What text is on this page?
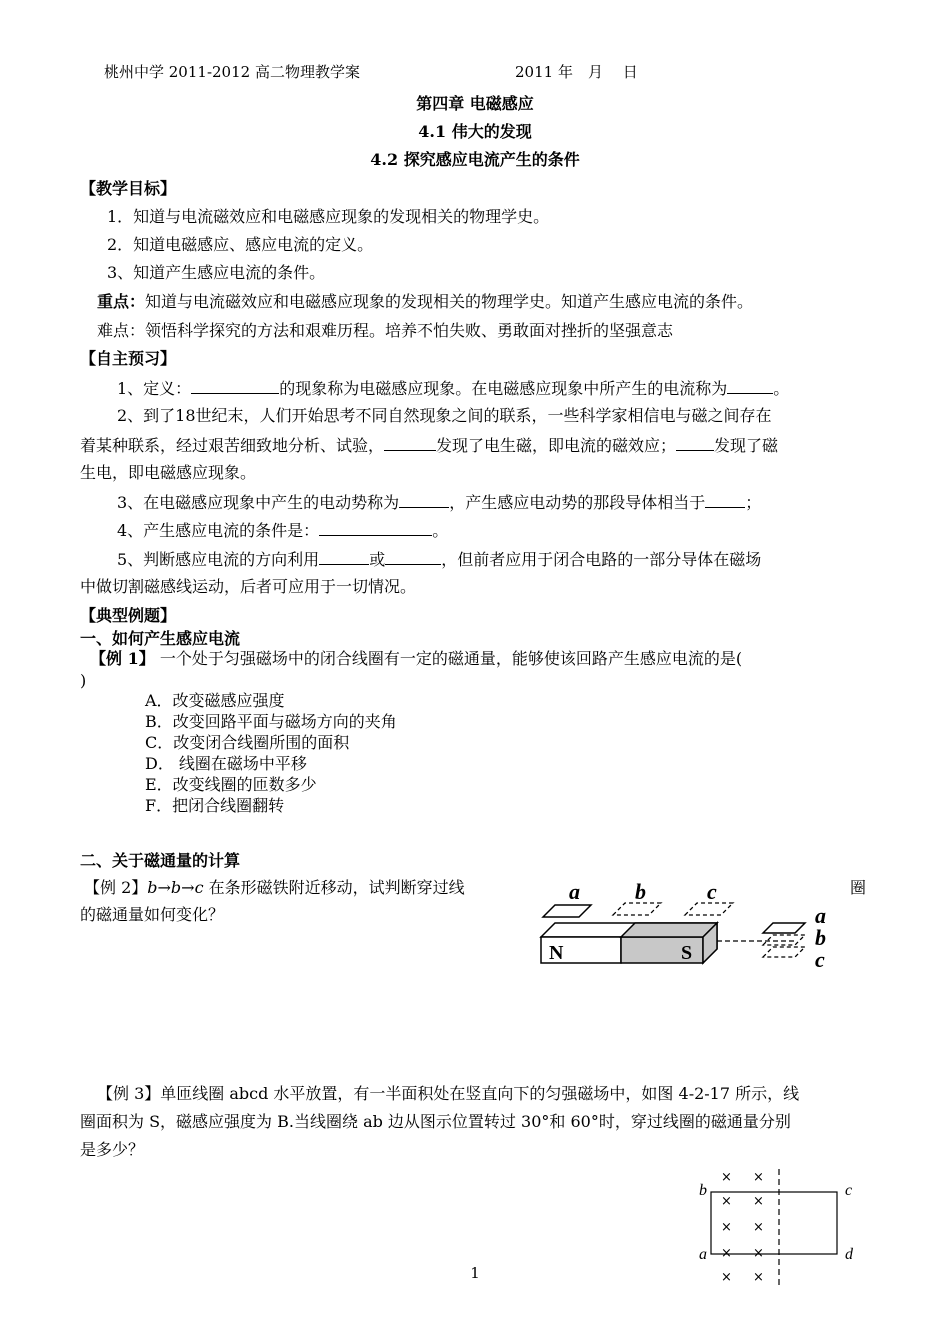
桃州中学 2011-2012 高二物理教学案	2011 年　月　 日
第四章 电磁感应
4.1 伟大的发现
4.2 探究感应电流产生的条件
【教学目标】
1．知道与电流磁效应和电磁感应现象的发现相关的物理学史。
2．知道电磁感应、感应电流的定义。
3、知道产生感应电流的条件。
重点：知道与电流磁效应和电磁感应现象的发现相关的物理学史。知道产生感应电流的条件。
难点：领悟科学探究的方法和艰难历程。培养不怕失败、勇敢面对挫折的坚强意志
【自主预习】
1、定义：	的现象称为电磁感应现象。在电磁感应现象中所产生的电流称为	。
2、到了18世纪末，人们开始思考不同自然现象之间的联系，一些科学家相信电与磁之间存在
着某种联系，经过艰苦细致地分析、试验，	发现了电生磁，即电流的磁效应； 发现了磁
生电，即电磁感应现象。
3、在电磁感应现象中产生的电动势称为	，产生感应电动势的那段导体相当于	；
4、产生感应电流的条件是：	。
5、判断感应电流的方向利用	或	，但前者应用于闭合电路的一部分导体在磁场
中做切割磁感线运动，后者可应用于一切情况。
【典型例题】
一、如何产生感应电流
【例 1】 一个处于匀强磁场中的闭合线圈有一定的磁通量，能够使该回路产生感应电流的是(
)
A．改变磁感应强度
B．改变回路平面与磁场方向的夹角
C．改变闭合线圈所围的面积
D． 线圈在磁场中平移
E．改变线圈的匝数多少
F．把闭合线圈翻转
二、关于磁通量的计算
【例 2】b→b→c 在条形磁铁附近移动，试判断穿过线	圈
的磁通量如何变化？
a	b	c
N	S
a
b
c
【例 3】单匝线圈 abcd 水平放置，有一半面积处在竖直向下的匀强磁场中，如图 4-2-17 所示，线
圈面积为 S，磁感应强度为 B.当线圈绕 ab 边从图示位置转过 30°和 60°时，穿过线圈的磁通量分别
是多少？
× ×
× ×
× ×
× ×
× ×
b	c
a	d
1
